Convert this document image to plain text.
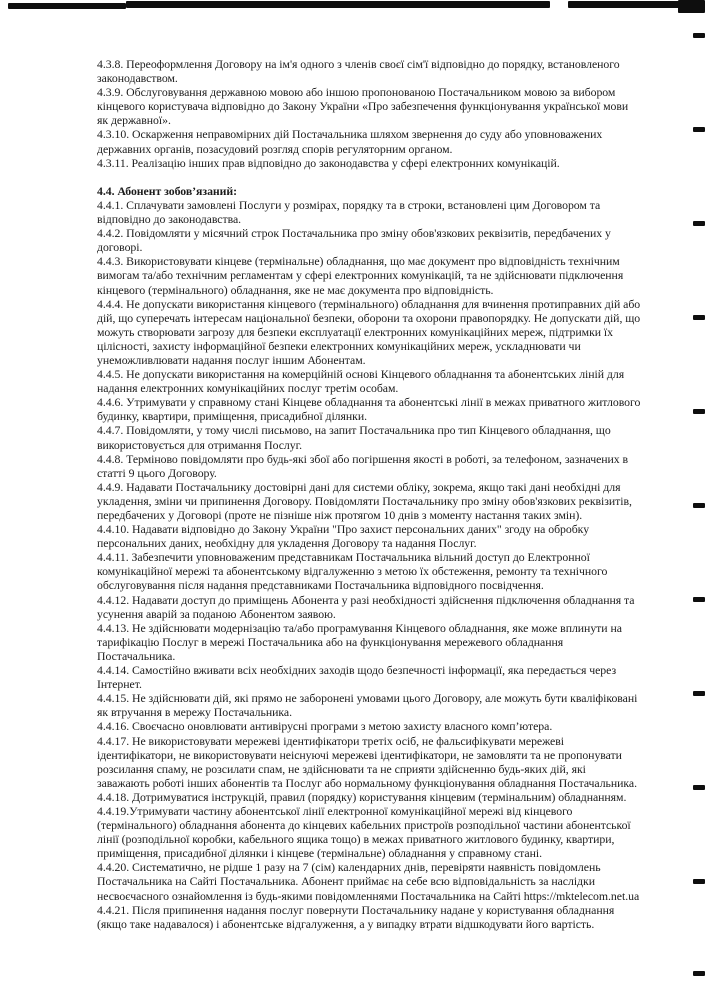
4.3.8. Переоформлення Договору на ім'я одного з членів своєї сім'ї відповідно до порядку, встановленого
законодавством.
4.3.9. Обслуговування державною мовою або іншою пропонованою Постачальником мовою за вибором
кінцевого користувача відповідно до Закону України «Про забезпечення функціонування української мови
як державної».
4.3.10. Оскарження неправомірних дій Постачальника шляхом звернення до суду або уповноважених
державних органів, позасудовий розгляд спорів регуляторним органом.
4.3.11. Реалізацію інших прав відповідно до законодавства у сфері електронних комунікацій.
4.4. Абонент зобов’язаний:
4.4.1. Сплачувати замовлені Послуги у розмірах, порядку та в строки, встановлені цим Договором та
відповідно до законодавства.
4.4.2. Повідомляти у місячний строк Постачальника про зміну обов'язкових реквізитів, передбачених у
договорі.
4.4.3. Використовувати кінцеве (термінальне) обладнання, що має документ про відповідність технічним
вимогам та/або технічним регламентам у сфері електронних комунікацій, та не здійснювати підключення
кінцевого (термінального) обладнання, яке не має документа про відповідність.
4.4.4. Не допускати використання кінцевого (термінального) обладнання для вчинення протиправних дій або
дій, що суперечать інтересам національної безпеки, оборони та охорони правопорядку. Не допускати дій, що
можуть створювати загрозу для безпеки експлуатації електронних комунікаційних мереж, підтримки їх
цілісності, захисту інформаційної безпеки електронних комунікаційних мереж, ускладнювати чи
унеможливлювати надання послуг іншим Абонентам.
4.4.5. Не допускати використання на комерційній основі Кінцевого обладнання та абонентських ліній для
надання електронних комунікаційних послуг третім особам.
4.4.6. Утримувати у справному стані Кінцеве обладнання та абонентські лінії в межах приватного житлового
будинку, квартири, приміщення, присадибної ділянки.
4.4.7. Повідомляти, у тому числі письмово, на запит Постачальника про тип Кінцевого обладнання, що
використовується для отримання Послуг.
4.4.8. Терміново повідомляти про будь-які збої або погіршення якості в роботі, за телефоном, зазначених в
статті 9 цього Договору.
4.4.9. Надавати Постачальнику достовірні дані для системи обліку, зокрема, якщо такі дані необхідні для
укладення, зміни чи припинення Договору. Повідомляти Постачальнику про зміну обов'язкових реквізитів,
передбачених у Договорі (проте не пізніше ніж протягом 10 днів з моменту настання таких змін).
4.4.10. Надавати відповідно до Закону України "Про захист персональних даних" згоду на обробку
персональних даних, необхідну для укладення Договору та надання Послуг.
4.4.11. Забезпечити уповноваженим представникам Постачальника вільний доступ до Електронної
комунікаційної мережі та абонентському відгалуженню з метою їх обстеження, ремонту та технічного
обслуговування після надання представниками Постачальника відповідного посвідчення.
4.4.12. Надавати доступ до приміщень Абонента у разі необхідності здійснення підключення обладнання та
усунення аварій за поданою Абонентом заявою.
4.4.13. Не здійснювати модернізацію та/або програмування Кінцевого обладнання, яке може вплинути на
тарифікацію Послуг в мережі Постачальника або на функціонування мережевого обладнання
Постачальника.
4.4.14. Самостійно вживати всіх необхідних заходів щодо безпечності інформації, яка передається через
Інтернет.
4.4.15. Не здійснювати дій, які прямо не заборонені умовами цього Договору, але можуть бути кваліфіковані
як втручання в мережу Постачальника.
4.4.16. Своєчасно оновлювати антивірусні програми з метою захисту власного комп’ютера.
4.4.17. Не використовувати мережеві ідентифікатори третіх осіб, не фальсифікувати мережеві
ідентифікатори, не використовувати неіснуючі мережеві ідентифікатори, не замовляти та не пропонувати
розсилання спаму, не розсилати спам, не здійснювати та не сприяти здійсненню будь-яких дій, які
заважають роботі інших абонентів та Послуг або нормальному функціонування обладнання Постачальника.
4.4.18. Дотримуватися інструкцій, правил (порядку) користування кінцевим (термінальним) обладнанням.
4.4.19.Утримувати частину абонентської лінії електронної комунікаційної мережі від кінцевого
(термінального) обладнання абонента до кінцевих кабельних пристроїв розподільної частини абонентської
лінії (розподільної коробки, кабельного ящика тощо) в межах приватного житлового будинку, квартири,
приміщення, присадибної ділянки і кінцеве (термінальне) обладнання у справному стані.
4.4.20. Систематично, не рідше 1 разу на 7 (сім) календарних днів, перевіряти наявність повідомлень
Постачальника на Сайті Постачальника. Абонент приймає на себе всю відповідальність за наслідки
несвоєчасного ознайомлення із будь-якими повідомленнями Постачальника на Сайті https://mktelecom.net.ua
4.4.21. Після припинення надання послуг повернути Постачальнику надане у користування обладнання
(якщо таке надавалося) і абонентське відгалуження, а у випадку втрати відшкодувати його вартість.
